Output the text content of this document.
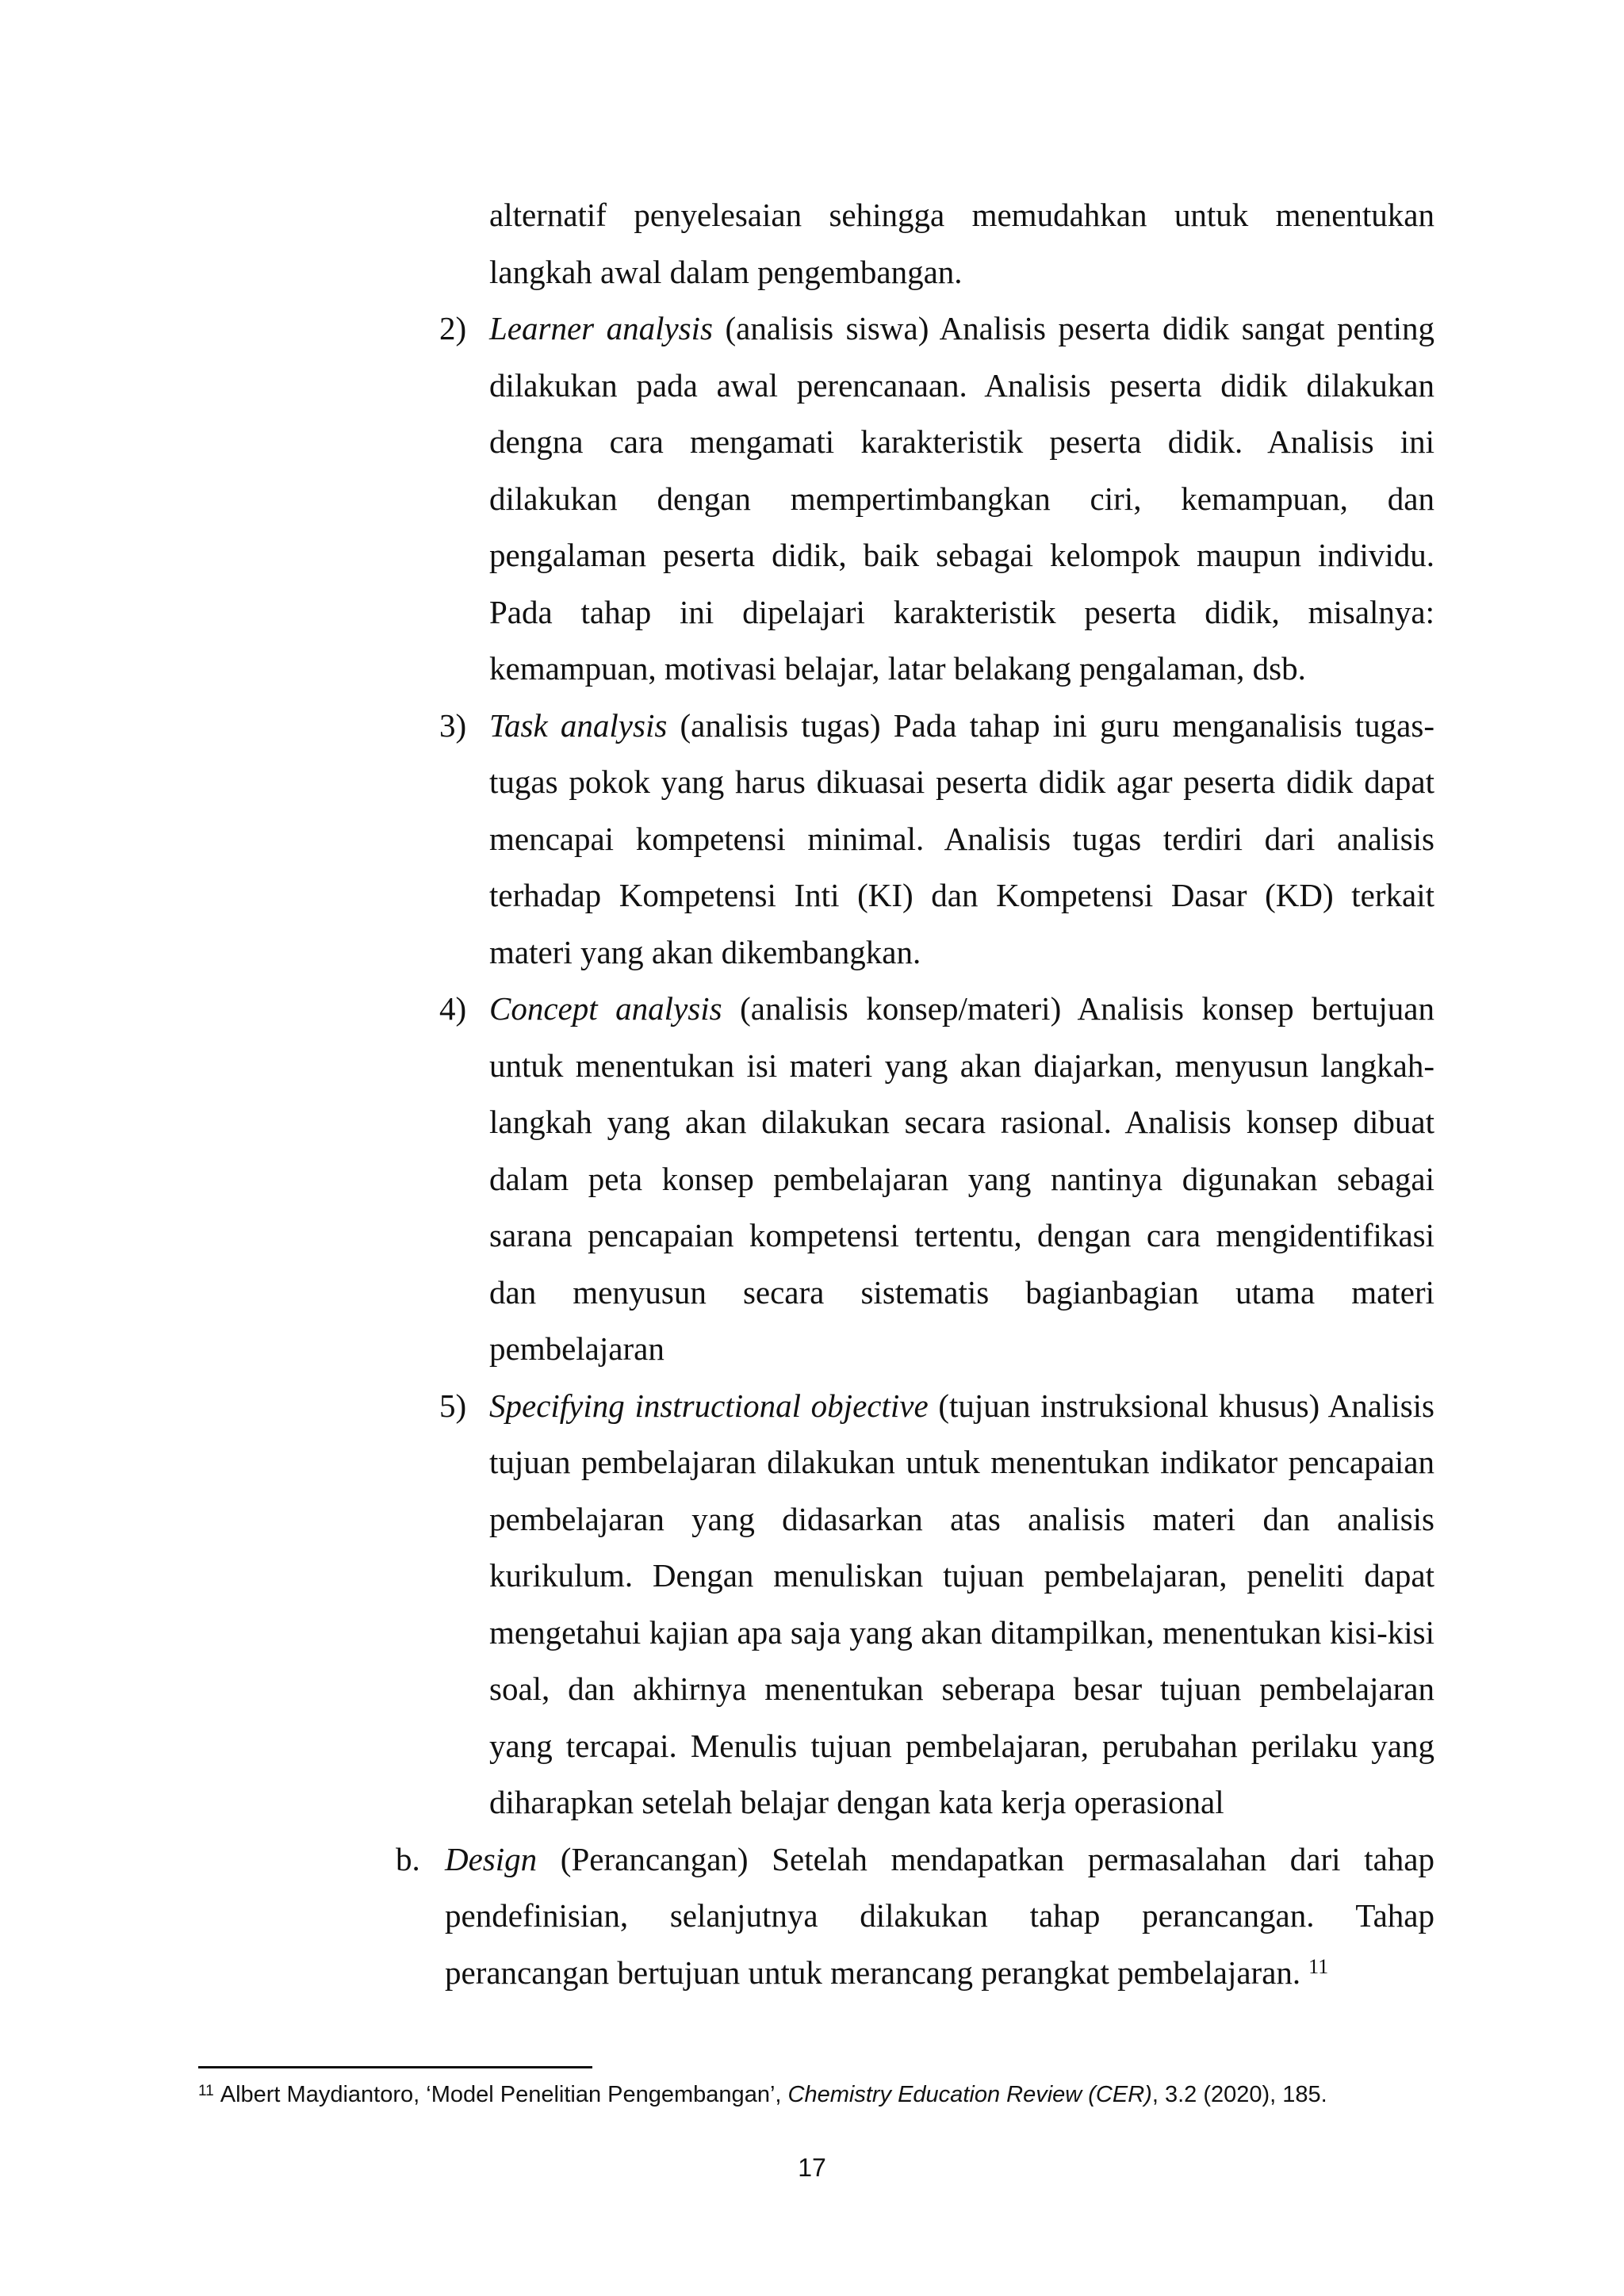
alternatif penyelesaian sehingga memudahkan untuk menentukan langkah awal dalam pengembangan.

2) Learner analysis (analisis siswa) Analisis peserta didik sangat penting dilakukan pada awal perencanaan. Analisis peserta didik dilakukan dengna cara mengamati karakteristik peserta didik. Analisis ini dilakukan dengan mempertimbangkan ciri, kemampuan, dan pengalaman peserta didik, baik sebagai kelompok maupun individu. Pada tahap ini dipelajari karakteristik peserta didik, misalnya: kemampuan, motivasi belajar, latar belakang pengalaman, dsb.
3) Task analysis (analisis tugas) Pada tahap ini guru menganalisis tugas-tugas pokok yang harus dikuasai peserta didik agar peserta didik dapat mencapai kompetensi minimal. Analisis tugas terdiri dari analisis terhadap Kompetensi Inti (KI) dan Kompetensi Dasar (KD) terkait materi yang akan dikembangkan.
4) Concept analysis (analisis konsep/materi) Analisis konsep bertujuan untuk menentukan isi materi yang akan diajarkan, menyusun langkah-langkah yang akan dilakukan secara rasional. Analisis konsep dibuat dalam peta konsep pembelajaran yang nantinya digunakan sebagai sarana pencapaian kompetensi tertentu, dengan cara mengidentifikasi dan menyusun secara sistematis bagianbagian utama materi pembelajaran
5) Specifying instructional objective (tujuan instruksional khusus) Analisis tujuan pembelajaran dilakukan untuk menentukan indikator pencapaian pembelajaran yang didasarkan atas analisis materi dan analisis kurikulum. Dengan menuliskan tujuan pembelajaran, peneliti dapat mengetahui kajian apa saja yang akan ditampilkan, menentukan kisi-kisi soal, dan akhirnya menentukan seberapa besar tujuan pembelajaran yang tercapai. Menulis tujuan pembelajaran, perubahan perilaku yang diharapkan setelah belajar dengan kata kerja operasional
b. Design (Perancangan) Setelah mendapatkan permasalahan dari tahap pendefinisian, selanjutnya dilakukan tahap perancangan. Tahap perancangan bertujuan untuk merancang perangkat pembelajaran. $^{11}$
$^{11}$ Albert Maydiantoro, ‘Model Penelitian Pengembangan’, Chemistry Education Review (CER), 3.2 (2020), 185.
17
